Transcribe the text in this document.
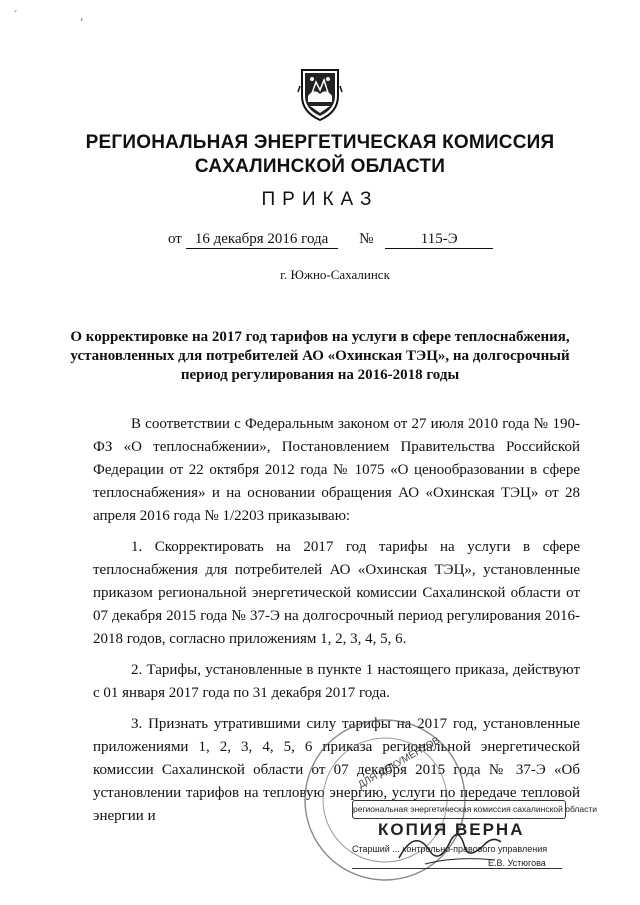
´ ¸
РЕГИОНАЛЬНАЯ ЭНЕРГЕТИЧЕСКАЯ КОМИССИЯ
САХАЛИНСКОЙ ОБЛАСТИ
ПРИКАЗ
от 16 декабря 2016 года №	115-Э
г. Южно-Сахалинск
О корректировке на 2017 год тарифов на услуги в сфере теплоснабжения, установленных для потребителей АО «Охинская ТЭЦ», на долгосрочный период регулирования на 2016-2018 годы

В соответствии с Федеральным законом от 27 июля 2010 года № 190-ФЗ «О теплоснабжении», Постановлением Правительства Российской Федерации от 22 октября 2012 года № 1075 «О ценообразовании в сфере теплоснабжения» и на основании обращения АО «Охинская ТЭЦ» от 28 апреля 2016 года № 1/2203 приказываю:

1. Скорректировать на 2017 год тарифы на услуги в сфере теплоснабжения для потребителей АО «Охинская ТЭЦ», установленные приказом региональной энергетической комиссии Сахалинской области от 07 декабря 2015 года № 37-Э на долгосрочный период регулирования 2016-2018 годов, согласно приложениям 1, 2, 3, 4, 5, 6.

2. Тарифы, установленные в пункте 1 настоящего приказа, действуют с 01 января 2017 года по 31 декабря 2017 года.

3. Признать утратившими силу тарифы на 2017 год, установленные приложениями 1, 2, 3, 4, 5, 6 приказа региональной энергетической комиссии Сахалинской области от 07 декабря 2015 года № 37-Э «Об установлении тарифов на тепловую энергию, услуги по передаче тепловой энергии и

ДЛЯ ДОКУМЕНТОВ
региональная энергетическая комиссия сахалинской области
КОПИЯ ВЕРНА
Старший ... контрольно-правового управления
Е.В. Устюгова
